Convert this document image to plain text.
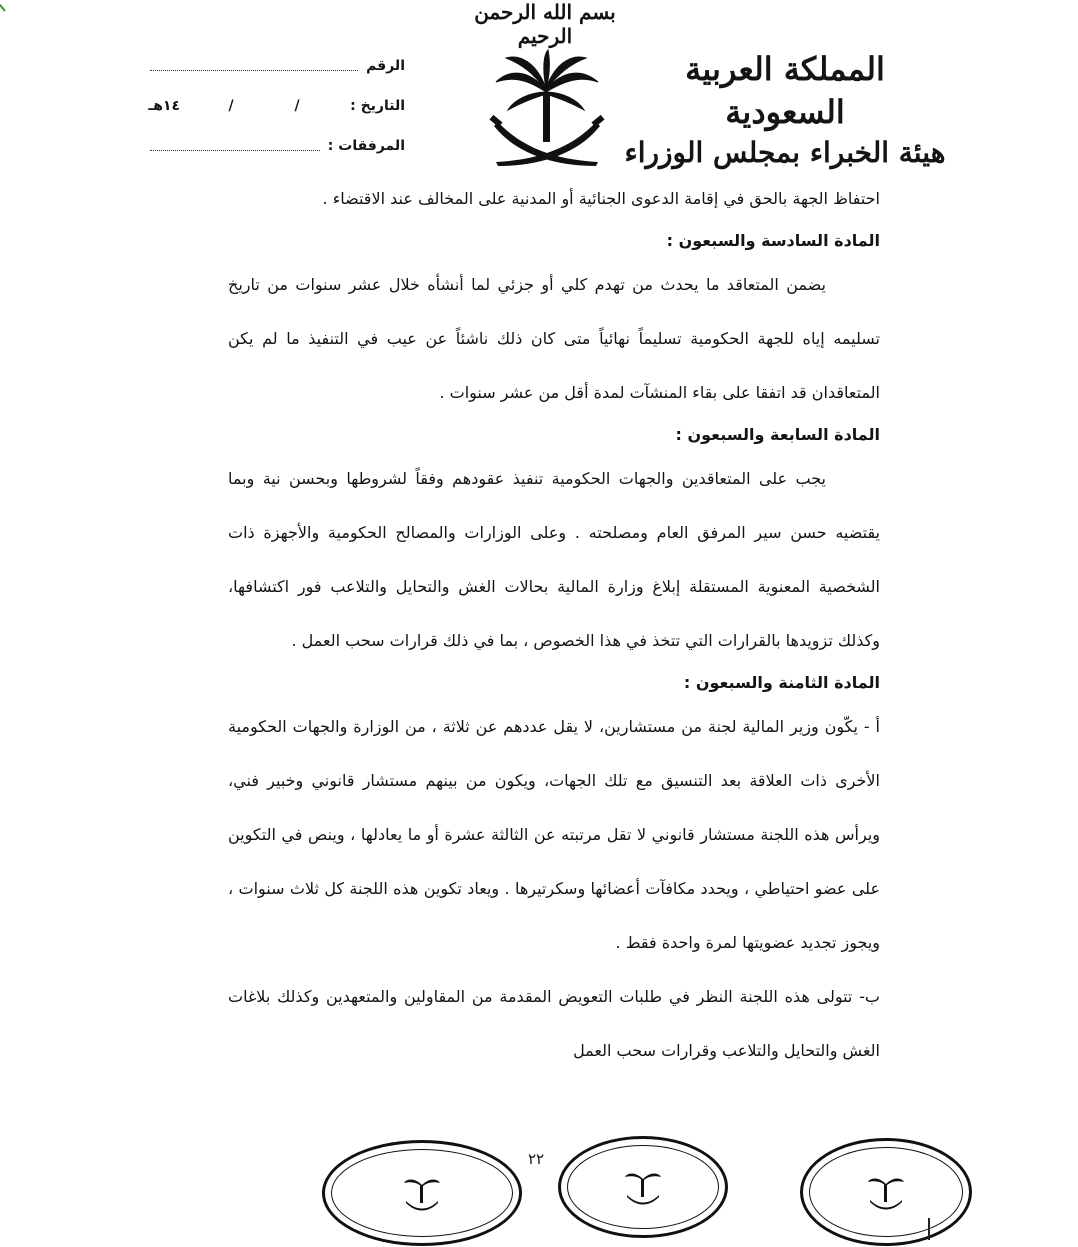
بسم الله الرحمن الرحيم
المملكة العربية السعودية
هيئة الخبراء بمجلس الوزراء
الرقم
التاريخ :
/
/
١٤هـ
المرفقات :

احتفاظ الجهة بالحق في إقامة الدعوى الجنائية أو المدنية على المخالف عند الاقتضاء .

المادة السادسة والسبعون :

يضمن المتعاقد ما يحدث من تهدم كلي أو جزئي لما أنشأه خلال عشر سنوات من تاريخ تسليمه إياه للجهة الحكومية تسليماً نهائياً متى كان ذلك ناشئاً عن عيب في التنفيذ ما لم يكن المتعاقدان قد اتفقا على بقاء المنشآت لمدة أقل من عشر سنوات .

المادة السابعة والسبعون :

يجب على المتعاقدين والجهات الحكومية تنفيذ عقودهم وفقاً لشروطها وبحسن نية وبما يقتضيه حسن سير المرفق العام ومصلحته . وعلى الوزارات والمصالح الحكومية والأجهزة ذات الشخصية المعنوية المستقلة إبلاغ وزارة المالية بحالات الغش والتحايل والتلاعب فور اكتشافها، وكذلك تزويدها بالقرارات التي تتخذ في هذا الخصوص ، بما في ذلك قرارات سحب العمل .

المادة الثامنة والسبعون :

أ - يكّون وزير المالية لجنة من مستشارين، لا يقل عددهم عن ثلاثة ، من الوزارة والجهات الحكومية الأخرى ذات العلاقة بعد التنسيق مع تلك الجهات، ويكون من بينهم مستشار قانوني وخبير فني، ويرأس هذه اللجنة مستشار قانوني لا تقل مرتبته عن الثالثة عشرة أو ما يعادلها ، وينص في التكوين على عضو احتياطي ، ويحدد مكافآت أعضائها وسكرتيرها . ويعاد تكوين هذه اللجنة كل ثلاث سنوات ، ويجوز تجديد عضويتها لمرة واحدة فقط .

ب- تتولى هذه اللجنة النظر في طلبات التعويض المقدمة من المقاولين والمتعهدين وكذلك بلاغات الغش والتحايل والتلاعب وقرارات سحب العمل

٢٢
